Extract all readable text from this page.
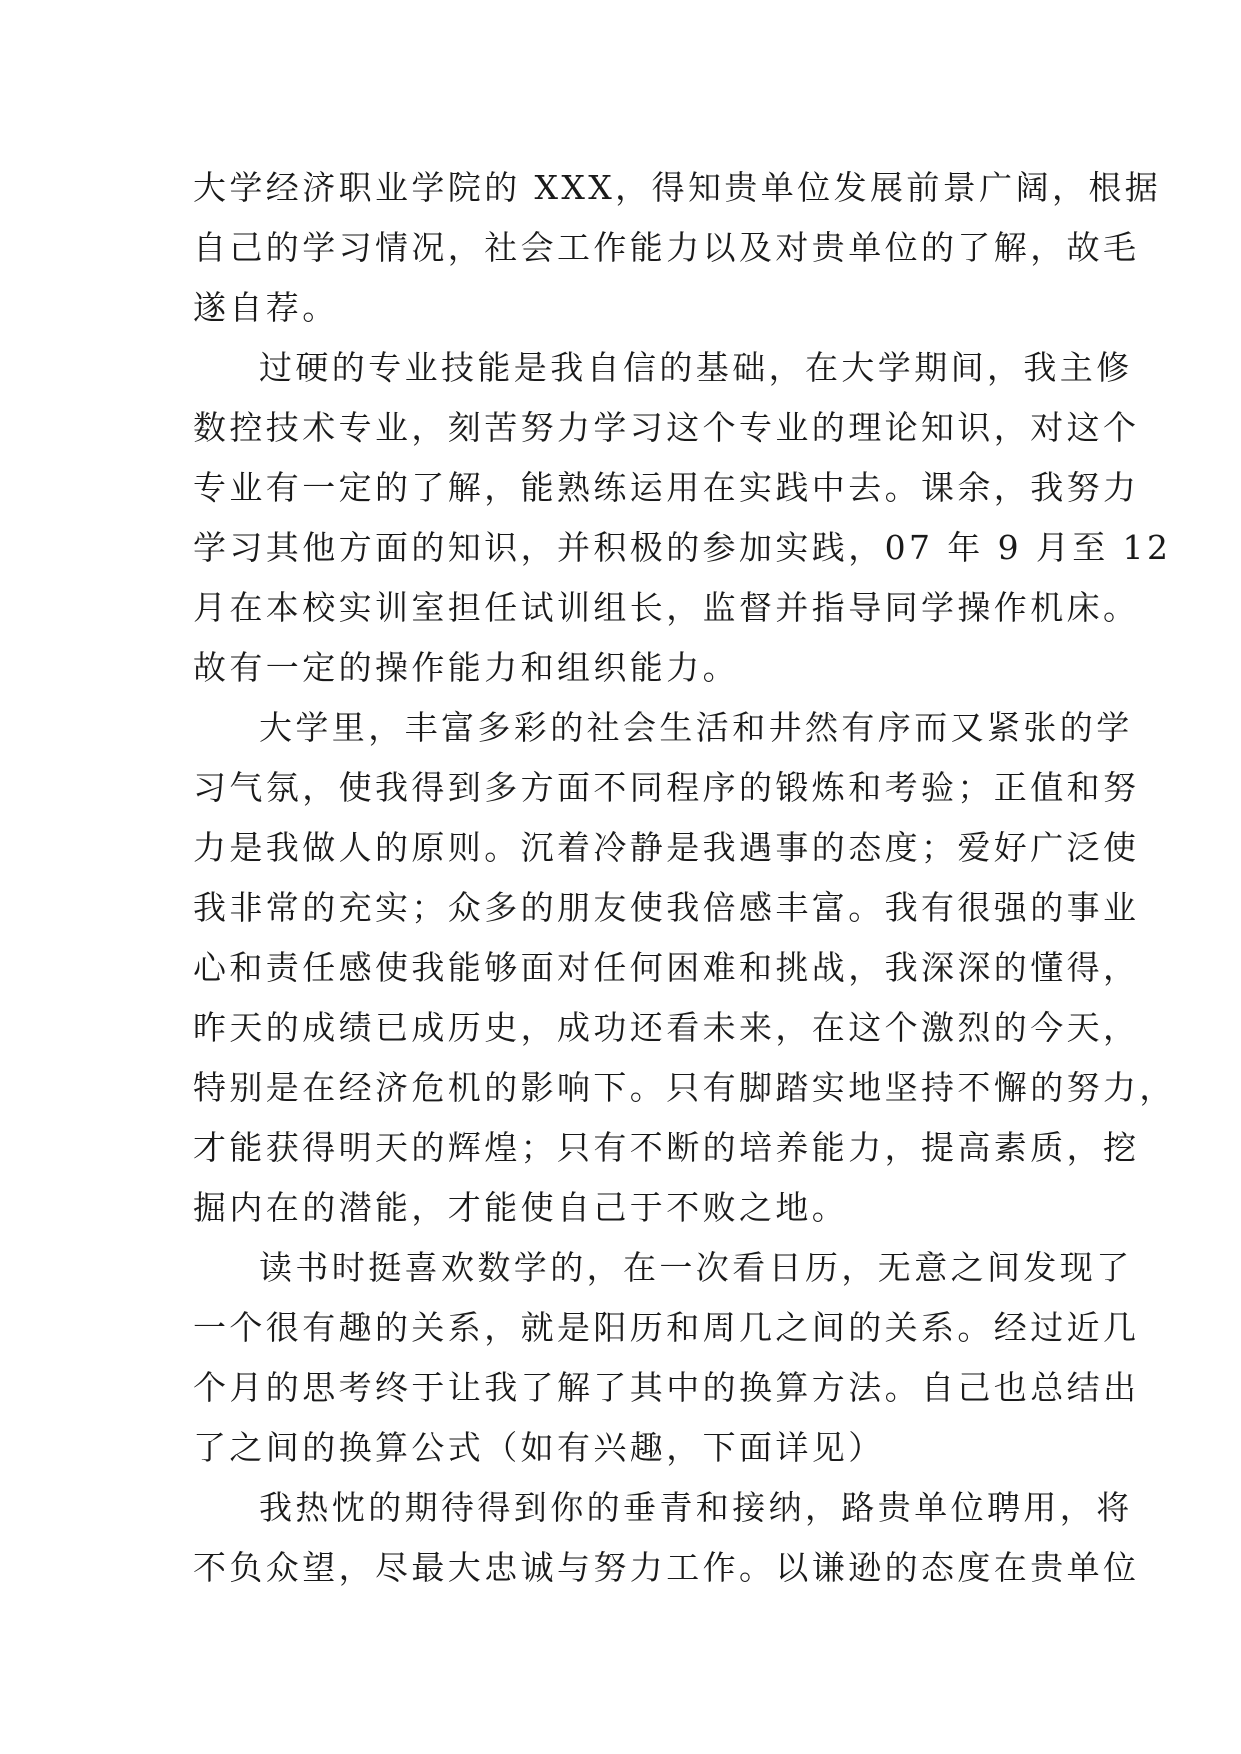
大学经济职业学院的 XXX，得知贵单位发展前景广阔，根据
自己的学习情况，社会工作能力以及对贵单位的了解，故毛
遂自荐。
过硬的专业技能是我自信的基础，在大学期间，我主修
数控技术专业，刻苦努力学习这个专业的理论知识，对这个
专业有一定的了解，能熟练运用在实践中去。课余，我努力
学习其他方面的知识，并积极的参加实践，07 年 9 月至 12
月在本校实训室担任试训组长，监督并指导同学操作机床。
故有一定的操作能力和组织能力。
大学里，丰富多彩的社会生活和井然有序而又紧张的学
习气氛，使我得到多方面不同程序的锻炼和考验；正值和努
力是我做人的原则。沉着冷静是我遇事的态度；爱好广泛使
我非常的充实；众多的朋友使我倍感丰富。我有很强的事业
心和责任感使我能够面对任何困难和挑战，我深深的懂得，
昨天的成绩已成历史，成功还看未来，在这个激烈的今天，
特别是在经济危机的影响下。只有脚踏实地坚持不懈的努力，
才能获得明天的辉煌；只有不断的培养能力，提高素质，挖
掘内在的潜能，才能使自己于不败之地。
读书时挺喜欢数学的，在一次看日历，无意之间发现了
一个很有趣的关系，就是阳历和周几之间的关系。经过近几
个月的思考终于让我了解了其中的换算方法。自己也总结出
了之间的换算公式（如有兴趣，下面详见）
我热忱的期待得到你的垂青和接纳，路贵单位聘用，将
不负众望，尽最大忠诚与努力工作。以谦逊的态度在贵单位
